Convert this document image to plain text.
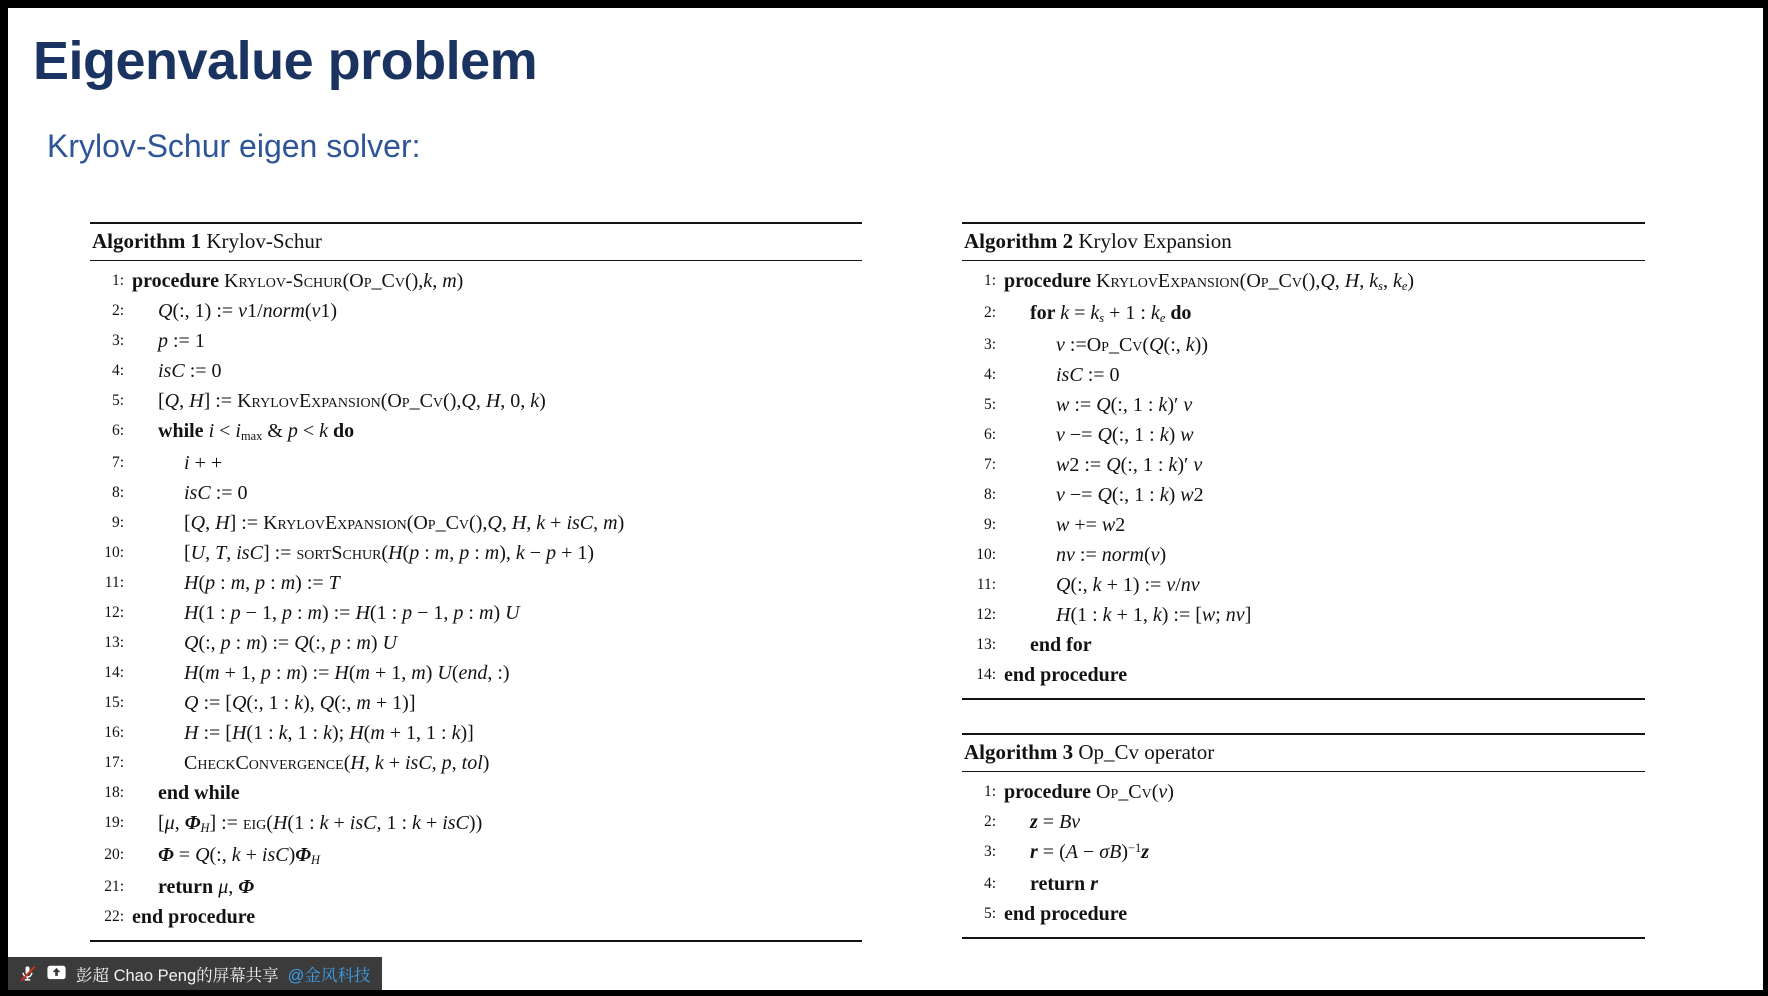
Eigenvalue problem
Krylov-Schur eigen solver:
Algorithm 1 Krylov-Schur
1: procedure Krylov-Schur(Op_Cv(),k, m)
2:	Q(:, 1) := v1/norm(v1)
3:	p := 1
4:	isC := 0
5:	[Q, H] := KrylovExpansion(Op_Cv(),Q, H, 0, k)
6:	while i < imax & p < k do
7:	i + +
8:	isC := 0
9:	[Q, H] := KrylovExpansion(Op_Cv(),Q, H, k + isC, m)
10:	[U, T, isC] := sortSchur(H(p : m, p : m), k − p + 1)
11:	H(p : m, p : m) := T
12:	H(1 : p − 1, p : m) := H(1 : p − 1, p : m) U
13:	Q(:, p : m) := Q(:, p : m) U
14:	H(m + 1, p : m) := H(m + 1, m) U(end, :)
15:	Q := [Q(:, 1 : k), Q(:, m + 1)]
16:	H := [H(1 : k, 1 : k); H(m + 1, 1 : k)]
17:	CheckConvergence(H, k + isC, p, tol)
18:	end while
19:	[μ, ΦH] := eig(H(1 : k + isC, 1 : k + isC))
20:	Φ = Q(:, k + isC)ΦH
21:	return μ, Φ
22: end procedure
Algorithm 2 Krylov Expansion
1: procedure KrylovExpansion(Op_Cv(),Q, H, ks, ke)
2:	for k = ks + 1 : ke do
3:	v :=Op_Cv(Q(:, k))
4:	isC := 0
5:	w := Q(:, 1 : k)′ v
6:	v −= Q(:, 1 : k) w
7:	w2 := Q(:, 1 : k)′ v
8:	v −= Q(:, 1 : k) w2
9:	w += w2
10:	nv := norm(v)
11:	Q(:, k + 1) := v/nv
12:	H(1 : k + 1, k) := [w; nv]
13:	end for
14: end procedure
Algorithm 3 Op_Cv operator
1: procedure Op_Cv(v)
2:	z = Bv
3:	$r = (A - \sigma B)^{-1}z$
4:	return r
5: end procedure
彭超 Chao Peng的屏幕共享 @金风科技
